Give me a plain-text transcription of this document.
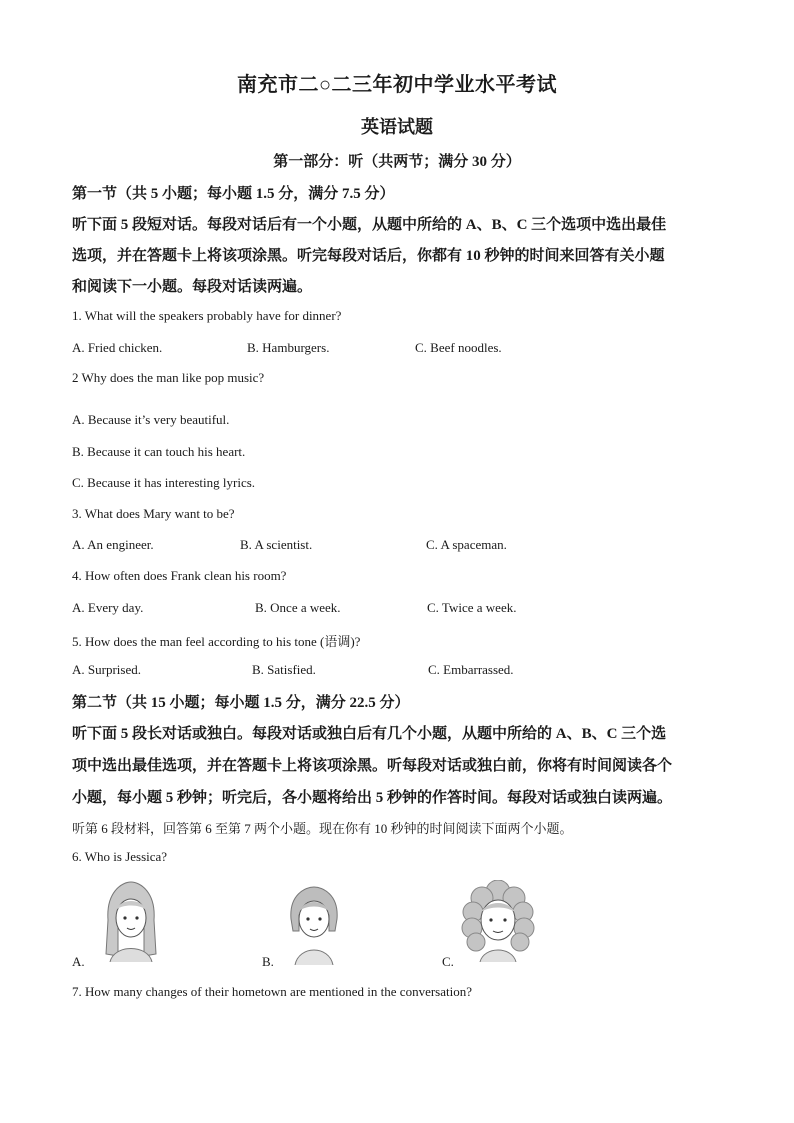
南充市二○二三年初中学业水平考试
英语试题
第一部分：听（共两节；满分 30 分）
第一节（共 5 小题；每小题 1.5 分，满分 7.5 分）
听下面 5 段短对话。每段对话后有一个小题，从题中所给的 A、B、C 三个选项中选出最佳
选项，并在答题卡上将该项涂黑。听完每段对话后，你都有 10 秒钟的时间来回答有关小题
和阅读下一小题。每段对话读两遍。
1. What will the speakers probably have for dinner?
A. Fried chicken.	B. Hamburgers.	C. Beef noodles.
2 Why does the man like pop music?
A. Because it’s very beautiful.
B. Because it can touch his heart.
C. Because it has interesting lyrics.
3. What does Mary want to be?
A. An engineer.	B. A scientist.	C. A spaceman.
4. How often does Frank clean his room?
A. Every day.	B. Once a week.	C. Twice a week.
5. How does the man feel according to his tone (语调)?
A. Surprised.	B. Satisfied.	C. Embarrassed.
第二节（共 15 小题；每小题 1.5 分，满分 22.5 分）
听下面 5 段长对话或独白。每段对话或独白后有几个小题，从题中所给的 A、B、C 三个选
项中选出最佳选项，并在答题卡上将该项涂黑。听每段对话或独白前，你将有时间阅读各个
小题，每小题 5 秒钟；听完后，各小题将给出 5 秒钟的作答时间。每段对话或独白读两遍。
听第 6 段材料，回答第 6 至第 7 两个小题。现在你有 10 秒钟的时间阅读下面两个小题。
6. Who is Jessica?
A.	B.	C.
7. How many changes of their hometown are mentioned in the conversation?
